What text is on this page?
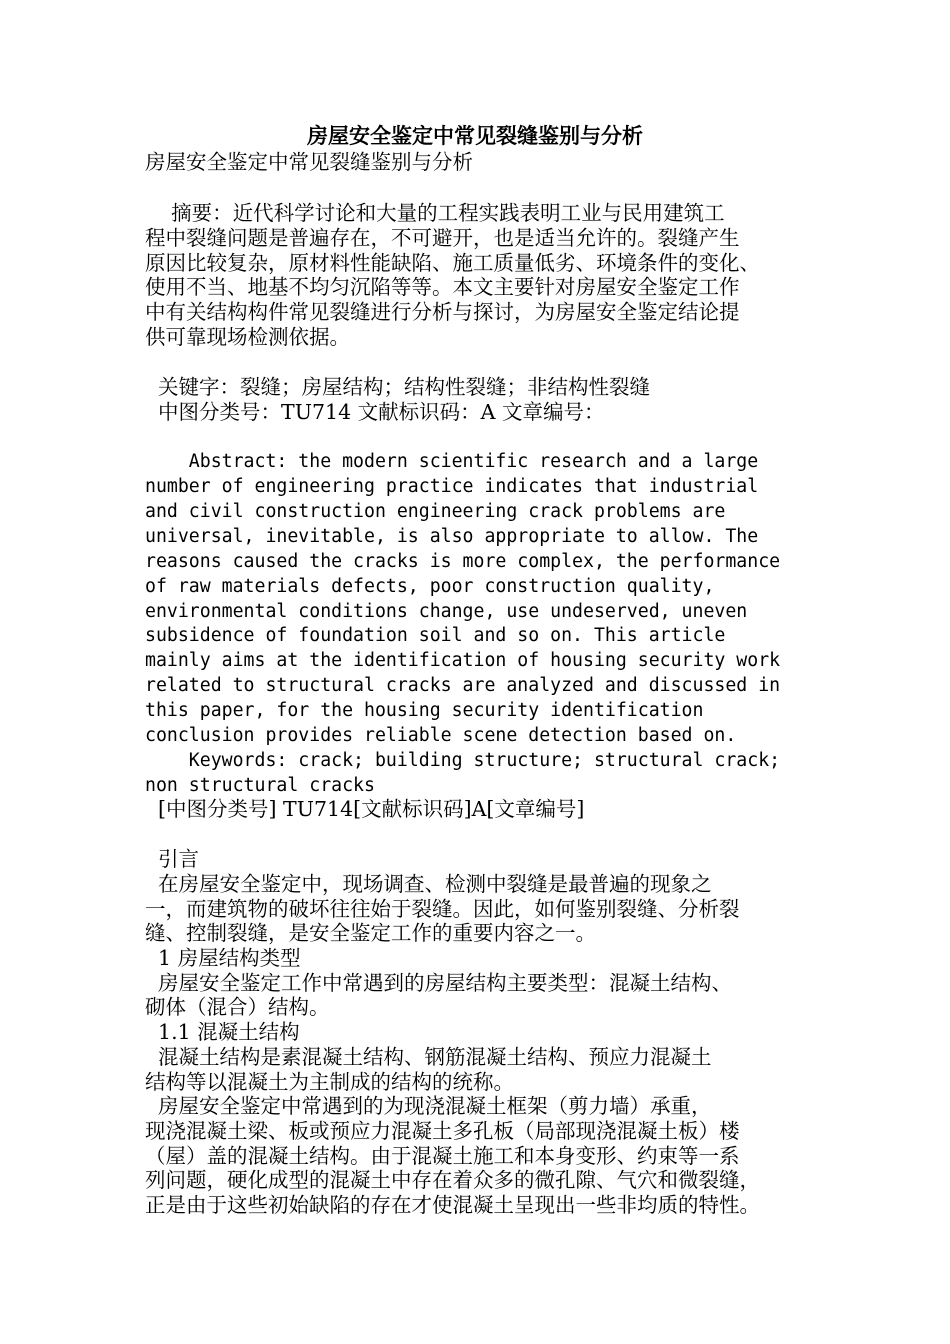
房屋安全鉴定中常见裂缝鉴别与分析
房屋安全鉴定中常见裂缝鉴别与分析
摘要：近代科学讨论和大量的工程实践表明工业与民用建筑工
程中裂缝问题是普遍存在，不可避开，也是适当允许的。裂缝产生
原因比较复杂，原材料性能缺陷、施工质量低劣、环境条件的变化、
使用不当、地基不均匀沉陷等等。本文主要针对房屋安全鉴定工作
中有关结构构件常见裂缝进行分析与探讨，为房屋安全鉴定结论提
供可靠现场检测依据。
关键字：裂缝；房屋结构；结构性裂缝；非结构性裂缝
中图分类号：TU714 文献标识码：A 文章编号：
Abstract: the modern scientific research and a large
number of engineering practice indicates that industrial
and civil construction engineering crack problems are
universal, inevitable, is also appropriate to allow. The
reasons caused the cracks is more complex, the performance
of raw materials defects, poor construction quality,
environmental conditions change, use undeserved, uneven
subsidence of foundation soil and so on. This article
mainly aims at the identification of housing security work
related to structural cracks are analyzed and discussed in
this paper, for the housing security identification
conclusion provides reliable scene detection based on.
Keywords: crack; building structure; structural crack;
non structural cracks
[中图分类号] TU714[文献标识码]A[文章编号]
引言
在房屋安全鉴定中，现场调查、检测中裂缝是最普遍的现象之
一，而建筑物的破坏往往始于裂缝。因此，如何鉴别裂缝、分析裂
缝、控制裂缝，是安全鉴定工作的重要内容之一。
1 房屋结构类型
房屋安全鉴定工作中常遇到的房屋结构主要类型：混凝土结构、
砌体（混合）结构。
1.1 混凝土结构
混凝土结构是素混凝土结构、钢筋混凝土结构、预应力混凝土
结构等以混凝土为主制成的结构的统称。
房屋安全鉴定中常遇到的为现浇混凝土框架（剪力墙）承重，
现浇混凝土梁、板或预应力混凝土多孔板（局部现浇混凝土板）楼
（屋）盖的混凝土结构。由于混凝土施工和本身变形、约束等一系
列问题，硬化成型的混凝土中存在着众多的微孔隙、气穴和微裂缝，
正是由于这些初始缺陷的存在才使混凝土呈现出一些非均质的特性。
